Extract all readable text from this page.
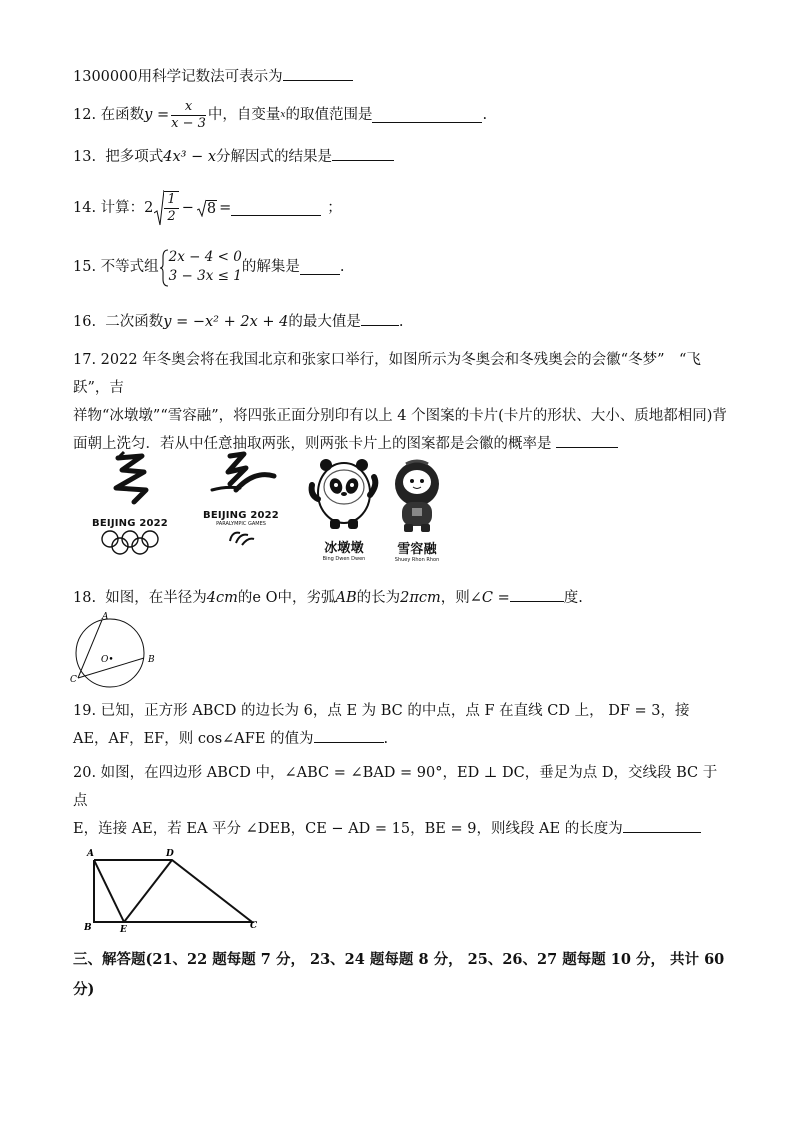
1300000用科学记数法可表示为
12.
在函数 $y = \frac{x}{x - 3}$ 中，自变量 x 的取值范围是	.
13. 把多项式4x³ − x分解因式的结果是
14.
计算： $2 \frac{1}{2} - 8$ =	；
15.
不等式组
2x − 4 < 0
3 − 3x ≤ 1
的解集是	.
16. 二次函数y = −x² + 2x + 4的最大值是	.
17. 2022 年冬奥会将在我国北京和张家口举行，如图所示为冬奥会和冬残奥会的会徽“冬梦”　“飞跃”，吉
祥物“冰墩墩”“雪容融”，将四张正面分别印有以上 4 个图案的卡片(卡片的形状、大小、质地都相同)背
面朝上洗匀．若从中任意抽取两张，则两张卡片上的图案都是会徽的概率是
BEIJING 2022
BEIJING 2022
PARALYMPIC GAMES
冰墩墩
Bing Dwen Dwen
雪容融
Shuey Rhon Rhon
18. 如图，在半径为4cm的e O中，劣弧AB的长为2πcm，则∠C =	度.
A
B
C
O•
19. 已知，正方形 ABCD 的边长为 6，点 E 为 BC 的中点，点 F 在直线 CD 上， DF = 3，接
AE，AF，EF，则 cos∠AFE 的值为	.
20. 如图，在四边形 ABCD 中，∠ABC = ∠BAD = 90°，ED ⊥ DC，垂足为点 D，交线段 BC 于点
E，连接 AE，若 EA 平分 ∠DEB，CE − AD = 15，BE = 9，则线段 AE 的长度为
A	D
B	E	C
三、解答题(21、22 题每题 7 分， 23、24 题每题 8 分， 25、26、27 题每题 10 分， 共计 60
分)
